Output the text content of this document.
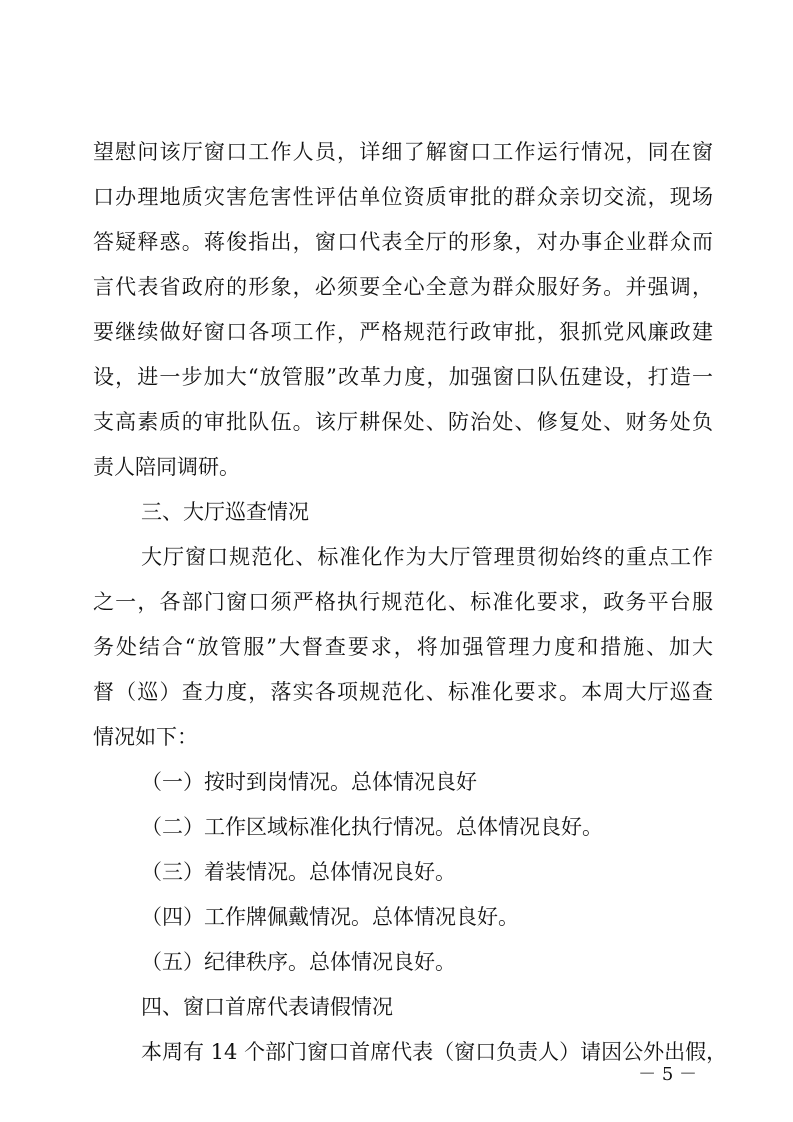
望慰问该厅窗口工作人员，详细了解窗口工作运行情况，同在窗
口办理地质灾害危害性评估单位资质审批的群众亲切交流，现场
答疑释惑。蒋俊指出，窗口代表全厅的形象，对办事企业群众而
言代表省政府的形象，必须要全心全意为群众服好务。并强调，
要继续做好窗口各项工作，严格规范行政审批，狠抓党风廉政建
设，进一步加大“放管服”改革力度，加强窗口队伍建设，打造一
支高素质的审批队伍。该厅耕保处、防治处、修复处、财务处负
责人陪同调研。
三、大厅巡查情况
大厅窗口规范化、标准化作为大厅管理贯彻始终的重点工作
之一，各部门窗口须严格执行规范化、标准化要求，政务平台服
务处结合“放管服”大督查要求，将加强管理力度和措施、加大
督（巡）查力度，落实各项规范化、标准化要求。本周大厅巡查
情况如下：
（一）按时到岗情况。总体情况良好
（二）工作区域标准化执行情况。总体情况良好。
（三）着装情况。总体情况良好。
（四）工作牌佩戴情况。总体情况良好。
（五）纪律秩序。总体情况良好。
四、窗口首席代表请假情况
本周有 14 个部门窗口首席代表（窗口负责人）请因公外出假，
－ 5 －
